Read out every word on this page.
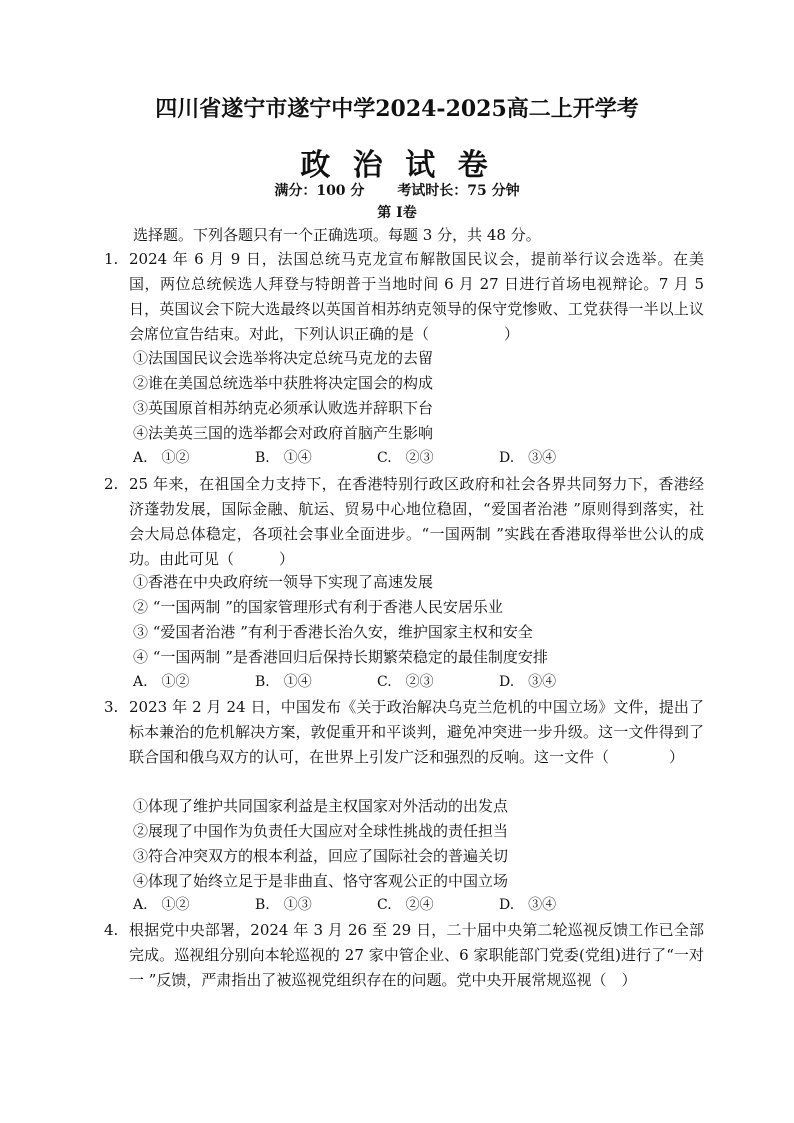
四川省遂宁市遂宁中学2024-2025高二上开学考
政 治 试 卷
满分：100 分 考试时长：75 分钟
第 I卷
选择题。下列各题只有一个正确选项。每题 3 分，共 48 分。
1. 2024 年 6 月 9 日，法国总统马克龙宣布解散国民议会，提前举行议会选举。在美国，两位总统候选人拜登与特朗普于当地时间 6 月 27 日进行首场电视辩论。7 月 5 日，英国议会下院大选最终以英国首相苏纳克领导的保守党惨败、工党获得一半以上议会席位宣告结束。对此，下列认识正确的是（　　　　　）
①法国国民议会选举将决定总统马克龙的去留
②谁在美国总统选举中获胜将决定国会的构成
③英国原首相苏纳克必须承认败选并辞职下台
④法美英三国的选举都会对政府首脑产生影响
A.　①②	B.　①④	C.　②③	D.　③④
2. 25 年来，在祖国全力支持下，在香港特别行政区政府和社会各界共同努力下，香港经济蓬勃发展，国际金融、航运、贸易中心地位稳固，“爱国者治港 ”原则得到落实，社会大局总体稳定，各项社会事业全面进步。“一国两制 ”实践在香港取得举世公认的成功。由此可见（　　　）
①香港在中央政府统一领导下实现了高速发展
② “一国两制 ”的国家管理形式有利于香港人民安居乐业
③ “爱国者治港 ”有利于香港长治久安，维护国家主权和安全
④ “一国两制 ”是香港回归后保持长期繁荣稳定的最佳制度安排
A.　①②	B.　①④	C.　②③	D.　③④
3. 2023 年 2 月 24 日，中国发布《关于政治解决乌克兰危机的中国立场》文件，提出了标本兼治的危机解决方案，敦促重开和平谈判，避免冲突进一步升级。这一文件得到了联合国和俄乌双方的认可，在世界上引发广泛和强烈的反响。这一文件（　　　　）
①体现了维护共同国家利益是主权国家对外活动的出发点
②展现了中国作为负责任大国应对全球性挑战的责任担当
③符合冲突双方的根本利益，回应了国际社会的普遍关切
④体现了始终立足于是非曲直、恪守客观公正的中国立场
A.　①②	B.　①③	C.　②④	D.　③④
4. 根据党中央部署，2024 年 3 月 26 至 29 日，二十届中央第二轮巡视反馈工作已全部完成。巡视组分别向本轮巡视的 27 家中管企业、6 家职能部门党委(党组)进行了“一对一 ”反馈，严肃指出了被巡视党组织存在的问题。党中央开展常规巡视（　）
